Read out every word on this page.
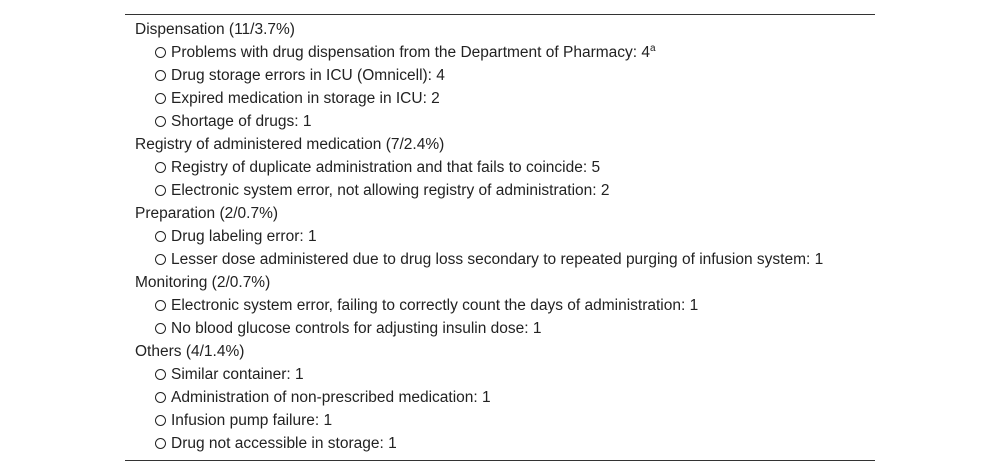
Dispensation (11/3.7%)
Problems with drug dispensation from the Department of Pharmacy: 4$^a$
Drug storage errors in ICU (Omnicell): 4
Expired medication in storage in ICU: 2
Shortage of drugs: 1
Registry of administered medication (7/2.4%)
Registry of duplicate administration and that fails to coincide: 5
Electronic system error, not allowing registry of administration: 2
Preparation (2/0.7%)
Drug labeling error: 1
Lesser dose administered due to drug loss secondary to repeated purging of infusion system: 1
Monitoring (2/0.7%)
Electronic system error, failing to correctly count the days of administration: 1
No blood glucose controls for adjusting insulin dose: 1
Others (4/1.4%)
Similar container: 1
Administration of non-prescribed medication: 1
Infusion pump failure: 1
Drug not accessible in storage: 1
